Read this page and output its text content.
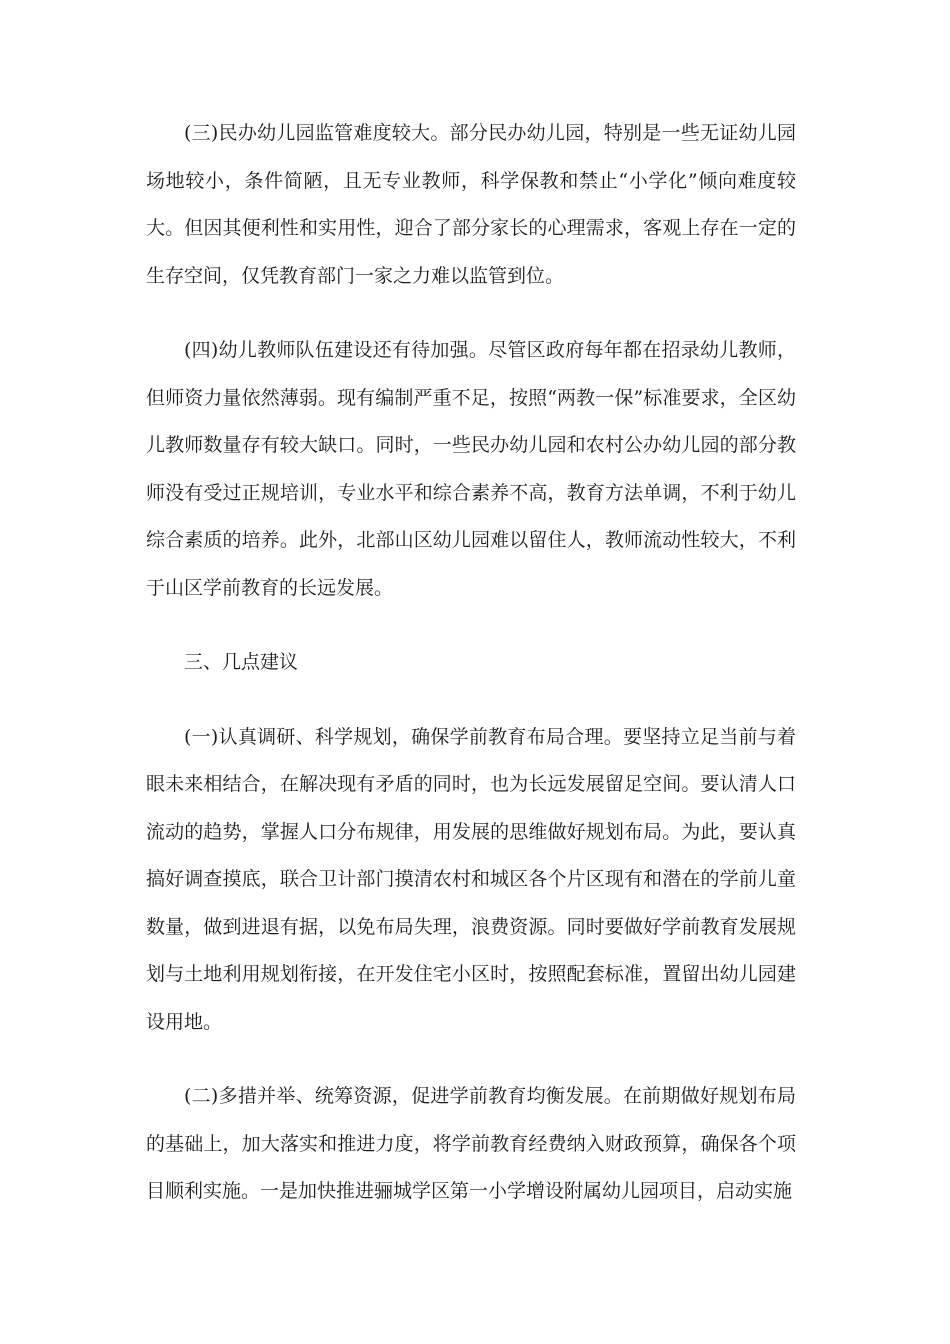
(三)民办幼儿园监管难度较大。部分民办幼儿园，特别是一些无证幼儿园场地较小，条件简陋，且无专业教师，科学保教和禁止“小学化”倾向难度较大。但因其便利性和实用性，迎合了部分家长的心理需求，客观上存在一定的生存空间，仅凭教育部门一家之力难以监管到位。

(四)幼儿教师队伍建设还有待加强。尽管区政府每年都在招录幼儿教师，但师资力量依然薄弱。现有编制严重不足，按照“两教一保”标准要求，全区幼儿教师数量存有较大缺口。同时，一些民办幼儿园和农村公办幼儿园的部分教师没有受过正规培训，专业水平和综合素养不高，教育方法单调，不利于幼儿综合素质的培养。此外，北部山区幼儿园难以留住人，教师流动性较大，不利于山区学前教育的长远发展。

三、几点建议

(一)认真调研、科学规划，确保学前教育布局合理。要坚持立足当前与着眼未来相结合，在解决现有矛盾的同时，也为长远发展留足空间。要认清人口流动的趋势，掌握人口分布规律，用发展的思维做好规划布局。为此，要认真搞好调查摸底，联合卫计部门摸清农村和城区各个片区现有和潜在的学前儿童数量，做到进退有据，以免布局失理，浪费资源。同时要做好学前教育发展规划与土地利用规划衔接，在开发住宅小区时，按照配套标准，置留出幼儿园建设用地。

(二)多措并举、统筹资源，促进学前教育均衡发展。在前期做好规划布局的基础上，加大落实和推进力度，将学前教育经费纳入财政预算，确保各个项目顺利实施。一是加快推进骊城学区第一小学增设附属幼儿园项目，启动实施
